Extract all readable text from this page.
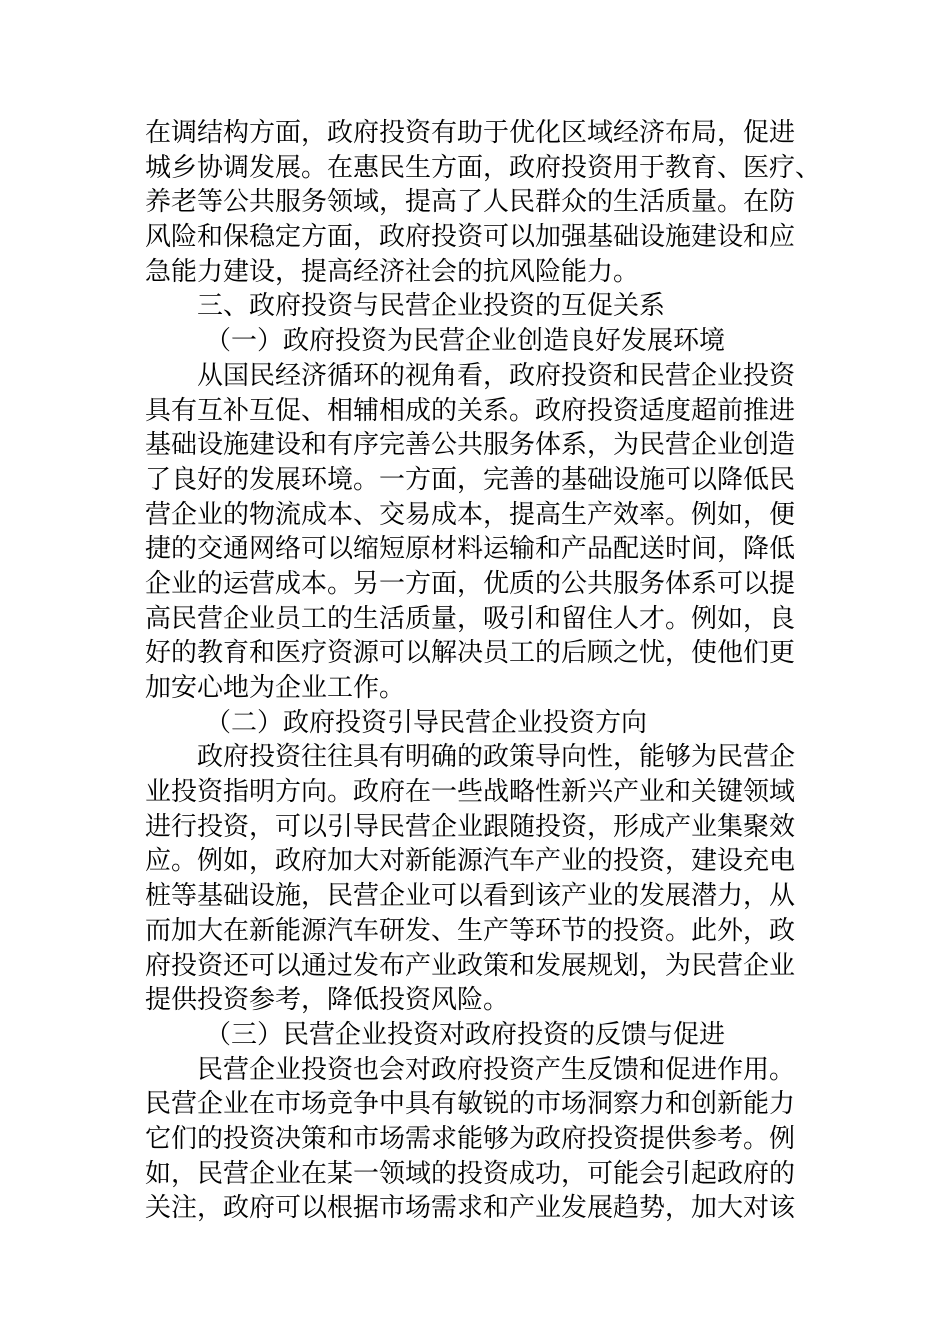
在调结构方面，政府投资有助于优化区域经济布局，促进
城乡协调发展。在惠民生方面，政府投资用于教育、医疗、
养老等公共服务领域，提高了人民群众的生活质量。在防
风险和保稳定方面，政府投资可以加强基础设施建设和应
急能力建设，提高经济社会的抗风险能力。
三、政府投资与民营企业投资的互促关系
（一）政府投资为民营企业创造良好发展环境
从国民经济循环的视角看，政府投资和民营企业投资
具有互补互促、相辅相成的关系。政府投资适度超前推进
基础设施建设和有序完善公共服务体系，为民营企业创造
了良好的发展环境。一方面，完善的基础设施可以降低民
营企业的物流成本、交易成本，提高生产效率。例如，便
捷的交通网络可以缩短原材料运输和产品配送时间，降低
企业的运营成本。另一方面，优质的公共服务体系可以提
高民营企业员工的生活质量，吸引和留住人才。例如，良
好的教育和医疗资源可以解决员工的后顾之忧，使他们更
加安心地为企业工作。
（二）政府投资引导民营企业投资方向
政府投资往往具有明确的政策导向性，能够为民营企
业投资指明方向。政府在一些战略性新兴产业和关键领域
进行投资，可以引导民营企业跟随投资，形成产业集聚效
应。例如，政府加大对新能源汽车产业的投资，建设充电
桩等基础设施，民营企业可以看到该产业的发展潜力，从
而加大在新能源汽车研发、生产等环节的投资。此外，政
府投资还可以通过发布产业政策和发展规划，为民营企业
提供投资参考，降低投资风险。
（三）民营企业投资对政府投资的反馈与促进
民营企业投资也会对政府投资产生反馈和促进作用。
民营企业在市场竞争中具有敏锐的市场洞察力和创新能力
它们的投资决策和市场需求能够为政府投资提供参考。例
如，民营企业在某一领域的投资成功，可能会引起政府的
关注，政府可以根据市场需求和产业发展趋势，加大对该
